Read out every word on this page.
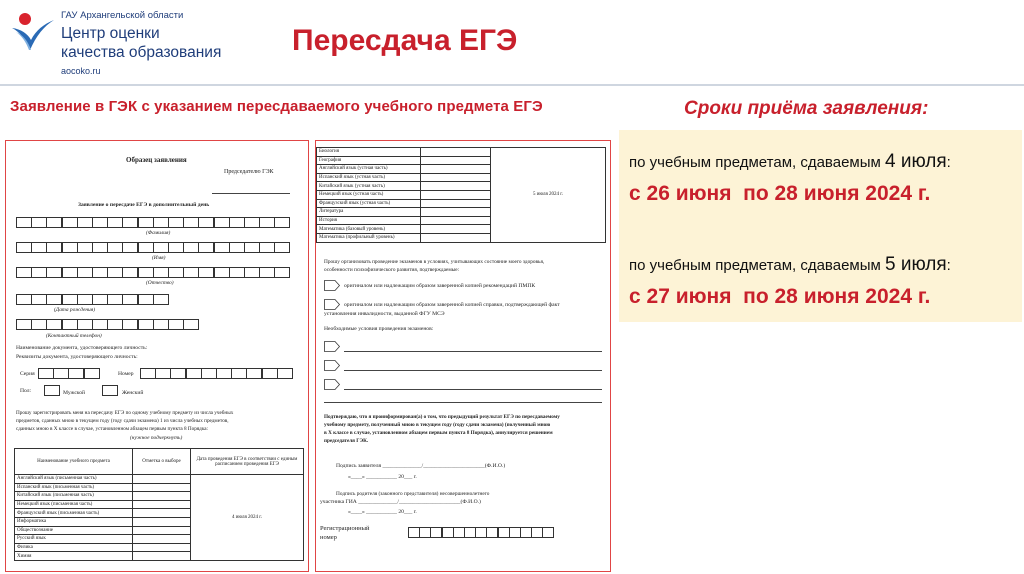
ГАУ Архангельской области
Центр оценки
качества образования
aocoko.ru
Пересдача ЕГЭ
Заявление в ГЭК с указанием пересдаваемого учебного предмета ЕГЭ	Сроки приёма заявления:
по учебным предметам, сдаваемым 4 июля:
с 26 июня  по 28 июня 2024 г.
по учебным предметам, сдаваемым 5 июля:
с 27 июня  по 28 июня 2024 г.
Образец заявления
Председателю ГЭК
Заявление о пересдаче ЕГЭ в дополнительный день
(Фамилия)
(Имя)
(Отчество)
(Дата рождения)
(Контактный телефон)
Наименование документа, удостоверяющего личность:
Реквизиты документа, удостоверяющего личность:
Серия	Номер
Пол:	Мужской	Женский
Прошу зарегистрировать меня на пересдачу ЕГЭ по одному учебному предмету из числа учебных
предметов, сданных мною в текущем году (году сдачи экзамена) 1 из числа учебных предметов,
сданных мною в Х классе в случае, установленном абзацем первым пункта 8 Порядка:
(нужное подчеркнуть)
Наименование учебного предмета	Отметка о выборе	Дата проведения ЕГЭ в соответствии с единым расписанием проведения ЕГЭ
Английский язык (письменная часть)		4 июля 2024 г.
Испанский язык (письменная часть)		
Китайский язык (письменная часть)		
Немецкий язык (письменная часть)		
Французский язык (письменная часть)		
Информатика		
Обществознание		
Русский язык		
Физика		
Химия		
Биология		5 июля 2024 г.
География		
Английский язык (устная часть)		
Испанский язык (устная часть)		
Китайский язык (устная часть)		
Немецкий язык (устная часть)		
Французский язык (устная часть)		
Литература		
История		
Математика (базовый уровень)		
Математика (профильный уровень)		
Прошу организовать проведение экзаменов в условиях, учитывающих состояние моего здоровья,
особенности психофизического развития, подтверждаемые:
оригиналом или надлежащим образом заверенной копией рекомендаций ПМПК
оригиналом или надлежащим образом заверенной копией справки, подтверждающей факт
установления инвалидности, выданной ФГУ МСЭ
Необходимые условия проведения экзаменов:
Подтверждаю, что я проинформирован(а) о том, что предыдущий результат ЕГЭ по пересдаваемому
учебному предмету, полученный мною в текущем году (году сдачи экзамена) (полученный мною
в Х классе в случае, установленном абзацем первым пункта 8 Порядка), аннулируется решением
председателя ГЭК.
Подпись заявителя ______________/______________________(Ф.И.О.)
«____» ___________ 20___ г.
Подпись родителя (законного представителя) несовершеннолетнего
участника ГИА ______________/______________________(Ф.И.О.)
«____» ___________ 20___ г.
Регистрационный
номер
